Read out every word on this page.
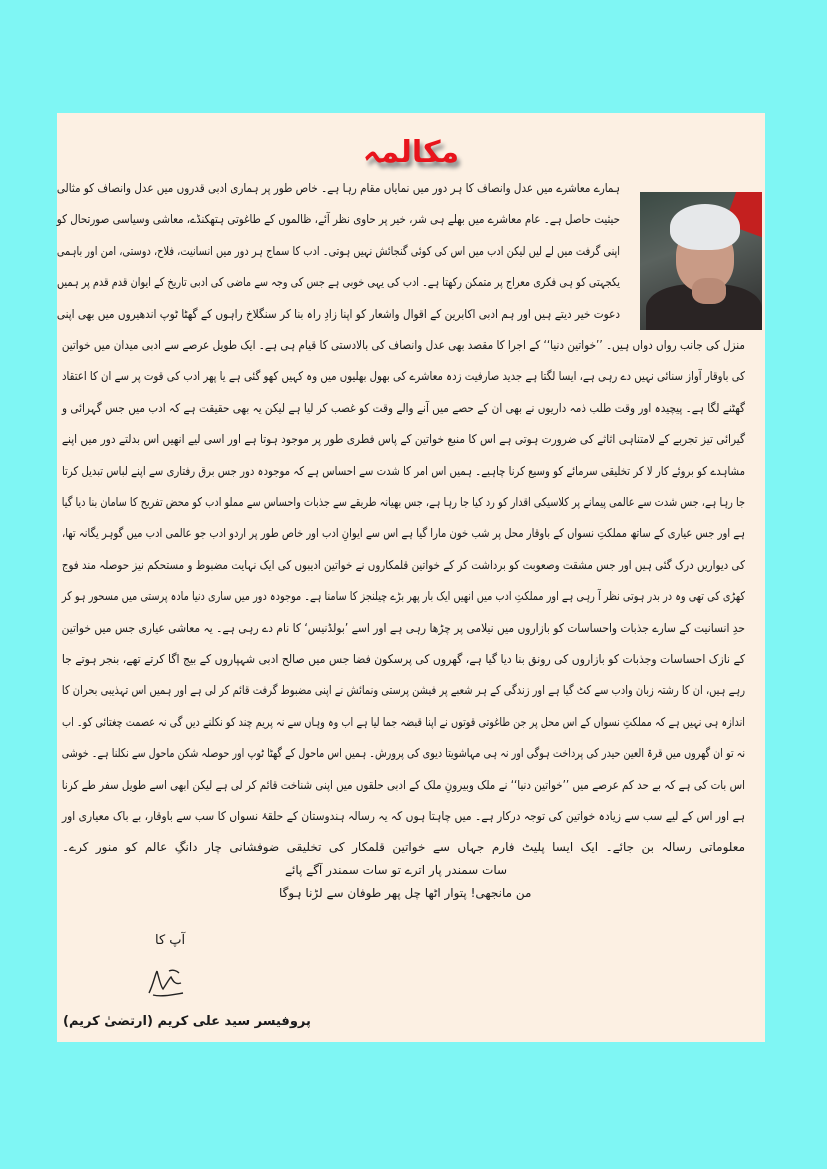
مکالمہ
ہمارے معاشرے میں عدل وانصاف کا ہر دور میں نمایاں مقام رہا ہے۔ خاص طور پر ہماری ادبی قدروں میں عدل وانصاف کو مثالی
حیثیت حاصل ہے۔ عام معاشرے میں بھلے ہی شر، خیر پر حاوی نظر آئے، ظالموں کے طاغوتی ہتھکنڈے، معاشی وسیاسی صورتحال کو
اپنی گرفت میں لے لیں لیکن ادب میں اس کی کوئی گنجائش نہیں ہوتی۔ ادب کا سماج ہر دور میں انسانیت، فلاح، دوستی، امن اور باہمی
یکجہتی کو ہی فکری معراج پر متمکن رکھتا ہے۔ ادب کی یہی خوبی ہے جس کی وجہ سے ماضی کی ادبی تاریخ کے ایوان قدم قدم پر ہمیں
دعوت خیر دیتے ہیں اور ہم ادبی اکابرین کے اقوال واشعار کو اپنا زادِ راہ بنا کر سنگلاخ راہوں کے گھٹا ٹوپ اندھیروں میں بھی اپنی
منزل کی جانب رواں دواں ہیں۔ ’’خواتین دنیا‘‘ کے اجرا کا مقصد بھی عدل وانصاف کی بالادستی کا قیام ہی ہے۔ ایک طویل عرصے سے ادبی میدان میں خواتین
کی باوقار آواز سنائی نہیں دے رہی ہے، ایسا لگتا ہے جدید صارفیت زدہ معاشرے کی بھول بھلیوں میں وہ کہیں کھو گئی ہے یا پھر ادب کی قوت پر سے ان کا اعتقاد
گھٹنے لگا ہے۔ پیچیدہ اور وقت طلب ذمہ داریوں نے بھی ان کے حصے میں آنے والے وقت کو غصب کر لیا ہے لیکن یہ بھی حقیقت ہے کہ ادب میں جس گہرائی و
گیرائی تیز تجربے کے لامتناہی اثاثے کی ضرورت ہوتی ہے اس کا منبع خواتین کے پاس فطری طور پر موجود ہوتا ہے اور اسی لیے انھیں اس بدلتے دور میں اپنے
مشاہدے کو بروئے کار لا کر تخلیقی سرمائے کو وسیع کرنا چاہیے۔ ہمیں اس امر کا شدت سے احساس ہے کہ موجودہ دور جس برق رفتاری سے اپنے لباس تبدیل کرتا
جا رہا ہے، جس شدت سے عالمی پیمانے پر کلاسیکی اقدار کو رد کیا جا رہا ہے، جس بھیانہ طریقے سے جذبات واحساس سے مملو ادب کو محض تفریح کا سامان بنا دیا گیا
ہے اور جس عیاری کے ساتھ مملکتِ نسواں کے باوقار محل پر شب خون مارا گیا ہے اس سے ایوانِ ادب اور خاص طور پر اردو ادب جو عالمی ادب میں گوہر یگانہ تھا،
کی دیواریں درک گئی ہیں اور جس مشقت وصعوبت کو برداشت کر کے خواتین قلمکاروں نے خواتین ادیبوں کی ایک نہایت مضبوط و مستحکم نیز حوصلہ مند فوج
کھڑی کی تھی وہ در بدر ہوتی نظر آ رہی ہے اور مملکتِ ادب میں انھیں ایک بار پھر بڑے چیلنجز کا سامنا ہے۔ موجودہ دور میں ساری دنیا مادہ پرستی میں مسحور ہو کر
حدِ انسانیت کے سارے جذبات واحساسات کو بازاروں میں نیلامی پر چڑھا رہی ہے اور اسے ’بولڈنیس‘ کا نام دے رہی ہے۔ یہ معاشی عیاری جس میں خواتین
کے نازک احساسات وجذبات کو بازاروں کی رونق بنا دیا گیا ہے، گھروں کی پرسکون فضا جس میں صالح ادبی شہپاروں کے بیج اگا کرتے تھے، بنجر ہوتے جا
رہے ہیں، ان کا رشتہ زبان وادب سے کٹ گیا ہے اور زندگی کے ہر شعبے پر فیشن پرستی ونمائش نے اپنی مضبوط گرفت قائم کر لی ہے اور ہمیں اس تہذیبی بحران کا
اندازہ ہی نہیں ہے کہ مملکتِ نسواں کے اس محل پر جن طاغوتی قوتوں نے اپنا قبضہ جما لیا ہے اب وہ وہاں سے نہ پریم چند کو نکلنے دیں گی نہ عصمت چغتائی کو۔ اب
نہ تو ان گھروں میں قرۃ العین حیدر کی پرداخت ہوگی اور نہ ہی مہاشویتا دیوی کی پرورش۔ ہمیں اس ماحول کے گھٹا ٹوپ اور حوصلہ شکن ماحول سے نکلنا ہے۔ خوشی
اس بات کی ہے کہ بے حد کم عرصے میں ’’خواتین دنیا‘‘ نے ملک وبیرونِ ملک کے ادبی حلقوں میں اپنی شناخت قائم کر لی ہے لیکن ابھی اسے طویل سفر طے کرنا
ہے اور اس کے لیے سب سے زیادہ خواتین کی توجہ درکار ہے۔ میں چاہتا ہوں کہ یہ رسالہ ہندوستان کے حلقۂ نسواں کا سب سے باوقار، بے باک معیاری اور
معلوماتی رسالہ بن جائے۔ ایک ایسا پلیٹ فارم جہاں سے خواتین قلمکار کی تخلیقی ضوفشانی چار دانگِ عالم کو منور کرے۔
سات سمندر پار اترے تو سات سمندر آگے پائے
من مانجھی! پتوار اٹھا چل پھر طوفان سے لڑنا ہوگا
آپ کا
پروفیسر سید علی کریم (ارتضیٰ کریم)
